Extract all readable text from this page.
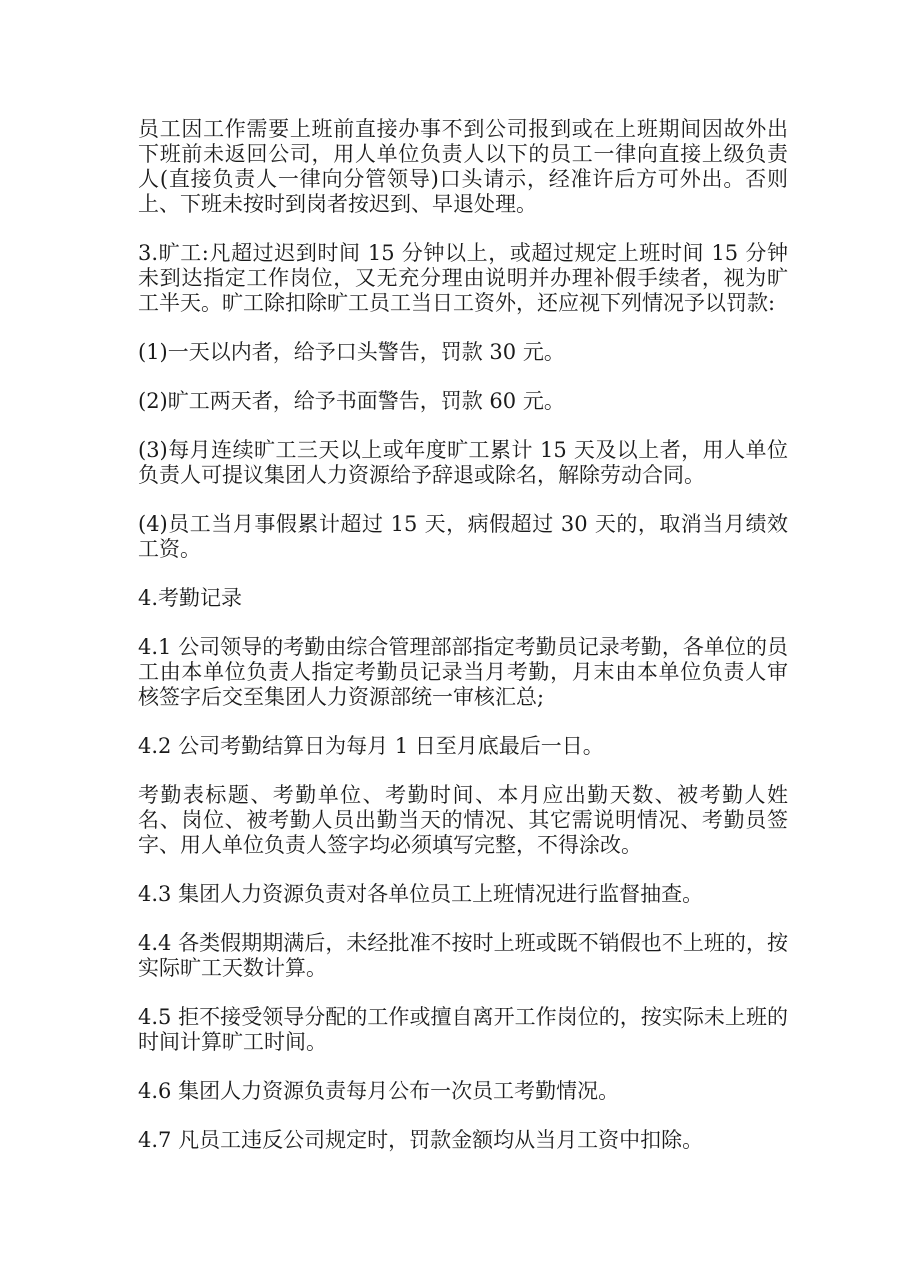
员工因工作需要上班前直接办事不到公司报到或在上班期间因故外出下班前未返回公司，用人单位负责人以下的员工一律向直接上级负责人(直接负责人一律向分管领导)口头请示，经准许后方可外出。否则上、下班未按时到岗者按迟到、早退处理。

3.旷工:凡超过迟到时间 15 分钟以上，或超过规定上班时间 15 分钟未到达指定工作岗位，又无充分理由说明并办理补假手续者，视为旷工半天。旷工除扣除旷工员工当日工资外，还应视下列情况予以罚款:

(1)一天以内者，给予口头警告，罚款 30 元。

(2)旷工两天者，给予书面警告，罚款 60 元。

(3)每月连续旷工三天以上或年度旷工累计 15 天及以上者，用人单位负责人可提议集团人力资源给予辞退或除名，解除劳动合同。

(4)员工当月事假累计超过 15 天，病假超过 30 天的，取消当月绩效工资。

4.考勤记录

4.1 公司领导的考勤由综合管理部部指定考勤员记录考勤，各单位的员工由本单位负责人指定考勤员记录当月考勤，月末由本单位负责人审核签字后交至集团人力资源部统一审核汇总;

4.2 公司考勤结算日为每月 1 日至月底最后一日。

考勤表标题、考勤单位、考勤时间、本月应出勤天数、被考勤人姓名、岗位、被考勤人员出勤当天的情况、其它需说明情况、考勤员签字、用人单位负责人签字均必须填写完整，不得涂改。

4.3 集团人力资源负责对各单位员工上班情况进行监督抽查。

4.4 各类假期期满后，未经批准不按时上班或既不销假也不上班的，按实际旷工天数计算。

4.5 拒不接受领导分配的工作或擅自离开工作岗位的，按实际未上班的时间计算旷工时间。

4.6 集团人力资源负责每月公布一次员工考勤情况。

4.7 凡员工违反公司规定时，罚款金额均从当月工资中扣除。
